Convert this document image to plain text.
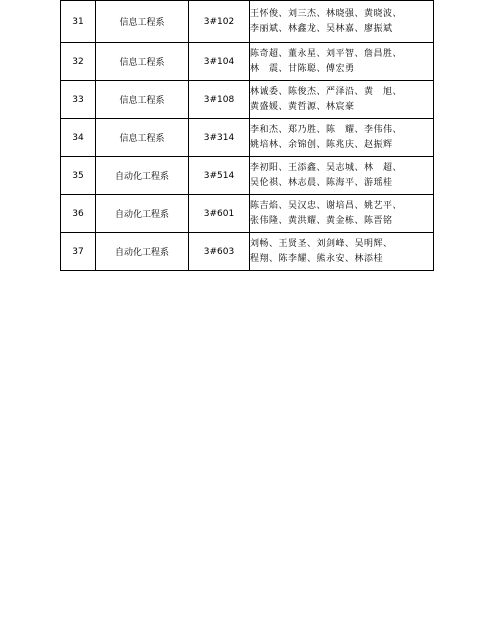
31	信息工程系	3#102	王怀俊、刘三杰、林晓强、黄晓波、
李丽斌、林鑫龙、吴林嘉、廖振斌

32	信息工程系	3#104	陈奇超、董永星、刘平智、詹昌胜、
林　震、甘陈聪、傅宏勇

33	信息工程系	3#108	林诚委、陈俊杰、严泽沿、黄　旭、
黄盛媛、黄哲源、林宸豪

34	信息工程系	3#314	李和杰、郑乃胜、陈　耀、李伟伟、
姚培林、余锦创、陈兆庆、赵振辉

35	自动化工程系	3#514	李初阳、王添鑫、吴志城、林　超、
吴伦祺、林志晨、陈海平、游瑶桂

36	自动化工程系	3#601	陈吉焰、吴汉忠、谢培昌、姚艺平、
张伟隆、黄洪耀、黄金栋、陈晋铭

37	自动化工程系	3#603	刘畅、王贤圣、刘剑峰、吴明辉、
程翔、陈李耀、熊永安、林添桂
